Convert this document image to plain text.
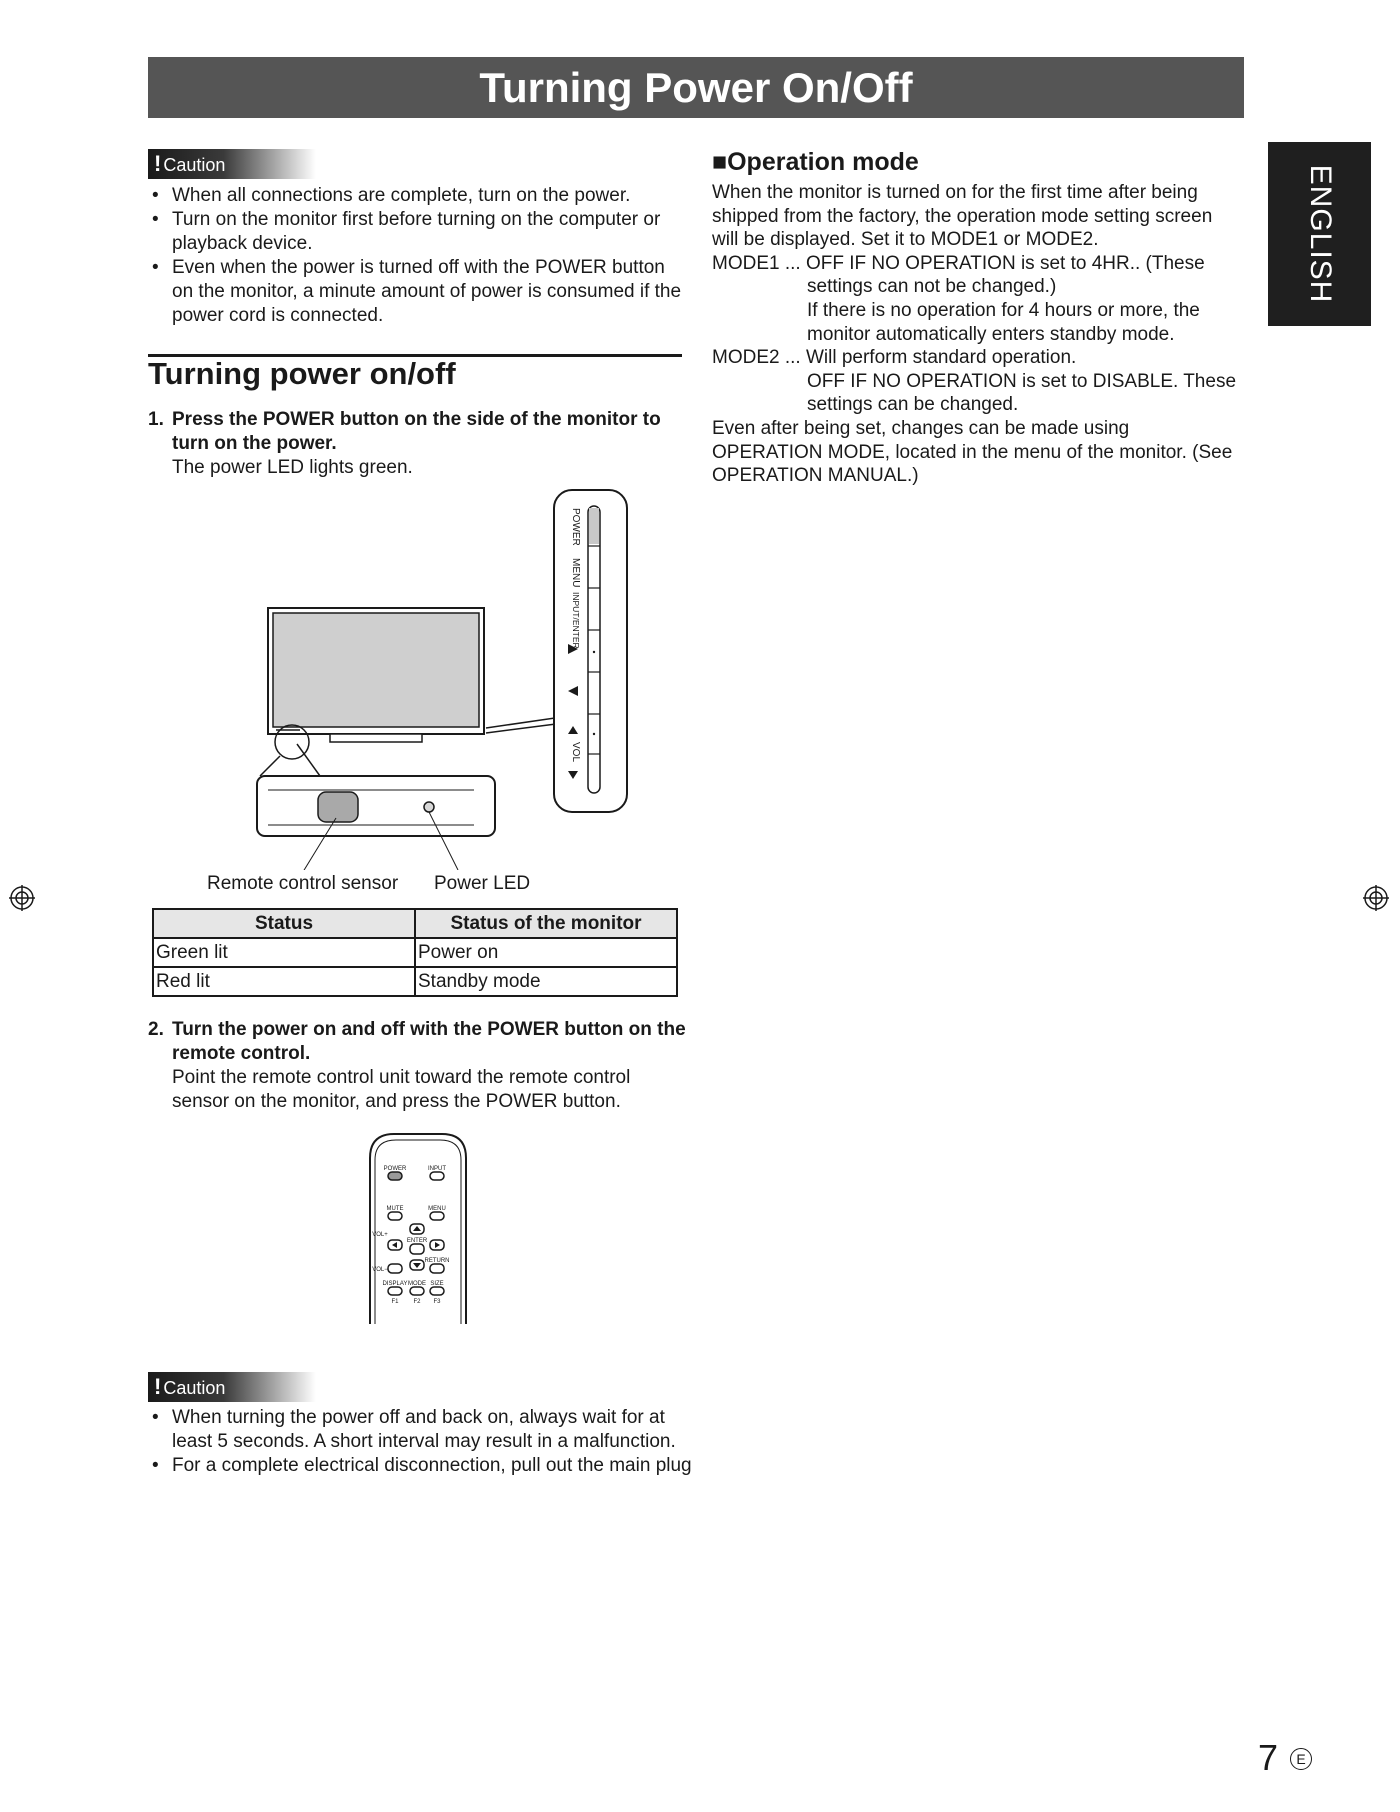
Turning Power On/Off
! Caution
• When all connections are complete, turn on the power.
• Turn on the monitor first before turning on the computer or playback device.
• Even when the power is turned off with the POWER button on the monitor, a minute amount of power is consumed if the power cord is connected.
Turning power on/off
1. Press the POWER button on the side of the monitor to turn on the power.
The power LED lights green.
POWER
MENU
INPUT/ENTER
VOL
Remote control sensor Power LED
Status	Status of the monitor
Green lit	Power on
Red lit	Standby mode
2. Turn the power on and off with the POWER button on the remote control.
Point the remote control unit toward the remote control sensor on the monitor, and press the POWER button.
POWER	INPUT
MUTE	MENU
VOL+
ENTER
VOL−
RETURN
DISPLAY MODE SIZE
F1 F2 F3
! Caution
• When turning the power off and back on, always wait for at least 5 seconds. A short interval may result in a malfunction.
• For a complete electrical disconnection, pull out the main plug
■Operation mode
When the monitor is turned on for the first time after being
shipped from the factory, the operation mode setting screen
will be displayed. Set it to MODE1 or MODE2.
MODE1 ... OFF IF NO OPERATION is set to 4HR.. (These
settings can not be changed.)
If there is no operation for 4 hours or more, the
monitor automatically enters standby mode.
MODE2 ... Will perform standard operation.
OFF IF NO OPERATION is set to DISABLE. These
settings can be changed.
Even after being set, changes can be made using
OPERATION MODE, located in the menu of the monitor. (See
OPERATION MANUAL.)
ENGLISH
7	E
